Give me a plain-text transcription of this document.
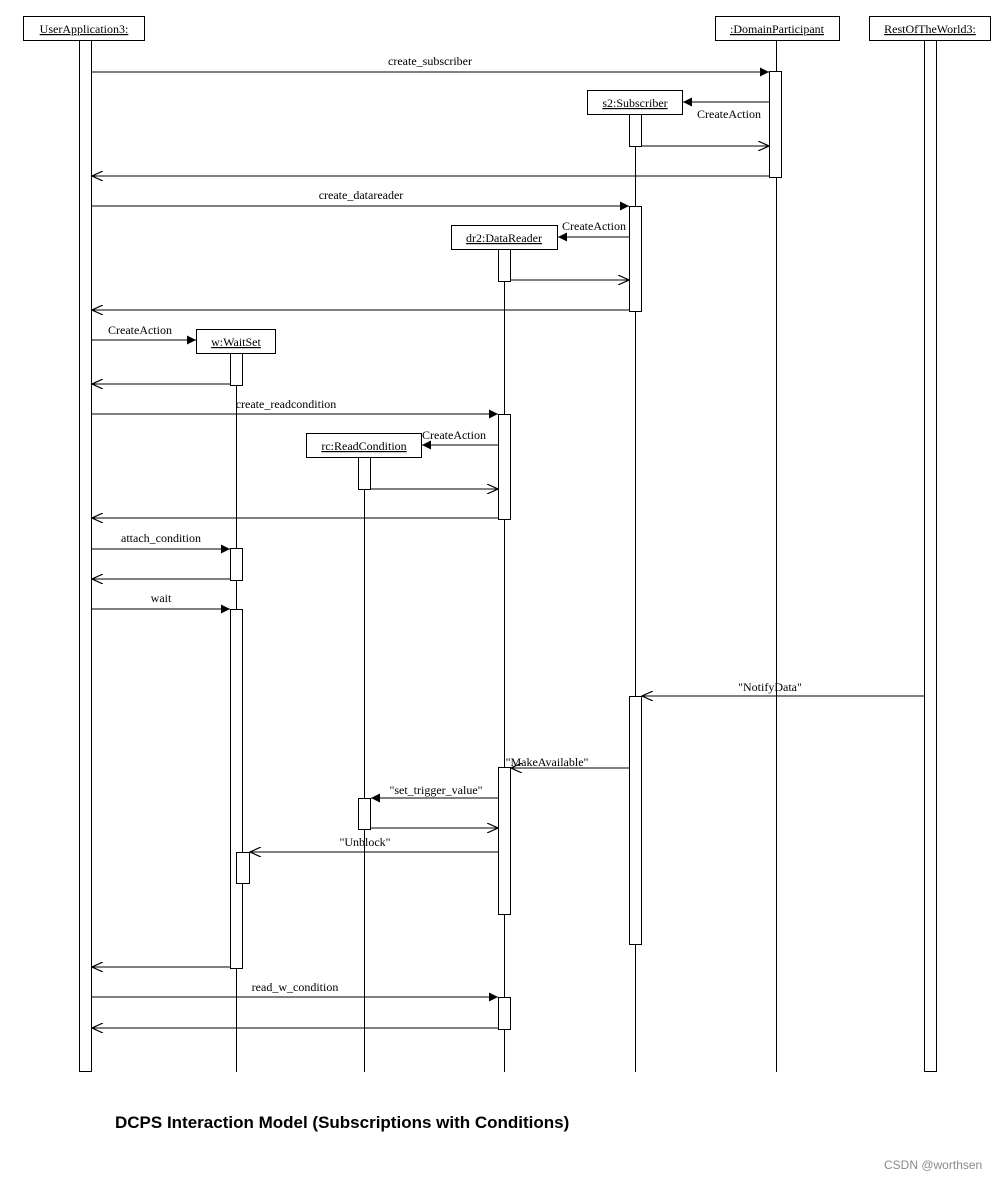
UserApplication3:	:DomainParticipant	RestOfTheWorld3:
s2:Subscriber
dr2:DataReader
w:WaitSet
rc:ReadCondition
create_subscriber
CreateAction
create_datareader
CreateAction
CreateAction
create_readcondition
CreateAction
attach_condition
wait
"NotifyData"
"MakeAvailable"
"set_trigger_value"
"Unblock"
read_w_condition
DCPS Interaction Model (Subscriptions with Conditions)
CSDN @worthsen
